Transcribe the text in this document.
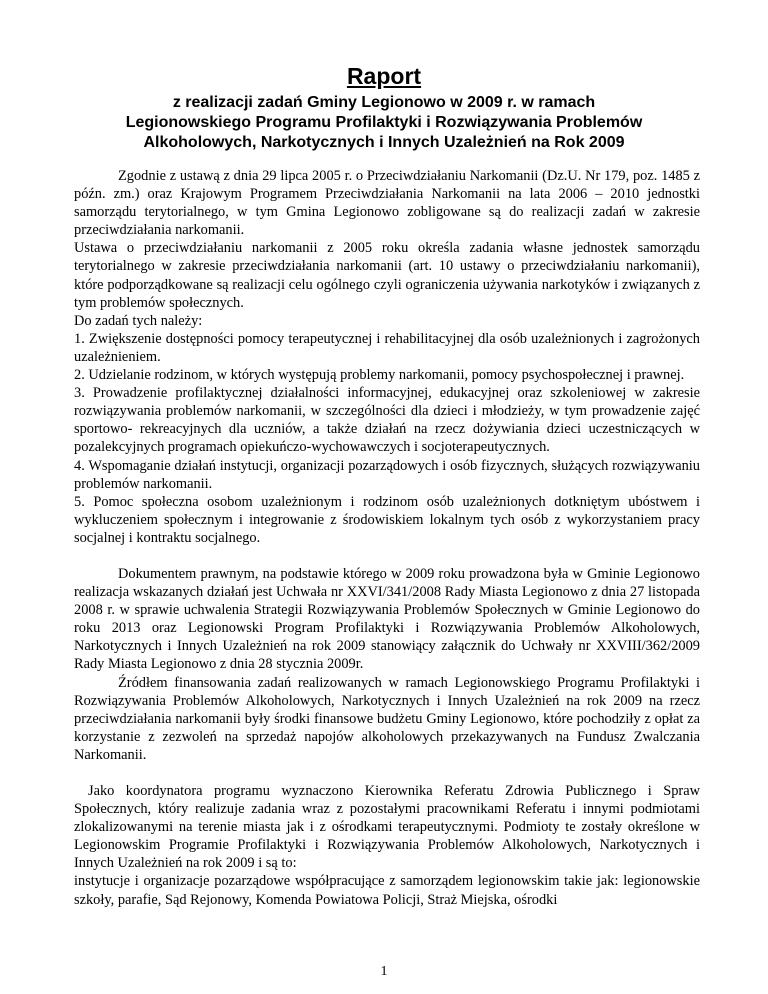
Raport
z realizacji zadań Gminy Legionowo w 2009 r. w ramach
Legionowskiego Programu Profilaktyki i Rozwiązywania Problemów
Alkoholowych, Narkotycznych i Innych Uzależnień na Rok 2009

Zgodnie z ustawą z dnia 29 lipca 2005 r. o Przeciwdziałaniu Narkomanii (Dz.U. Nr 179, poz. 1485 z późn. zm.) oraz Krajowym Programem Przeciwdziałania Narkomanii na lata 2006 – 2010 jednostki samorządu terytorialnego, w tym Gmina Legionowo zobligowane są do realizacji zadań w zakresie przeciwdziałania narkomanii.

Ustawa o przeciwdziałaniu narkomanii z 2005 roku określa zadania własne jednostek samorządu terytorialnego w zakresie przeciwdziałania narkomanii (art. 10 ustawy o przeciwdziałaniu narkomanii), które podporządkowane są realizacji celu ogólnego czyli ograniczenia używania narkotyków i związanych z tym problemów społecznych.

Do zadań tych należy:

1. Zwiększenie dostępności pomocy terapeutycznej i rehabilitacyjnej dla osób uzależnionych i zagrożonych uzależnieniem.

2. Udzielanie rodzinom, w których występują problemy narkomanii, pomocy psychospołecznej i prawnej.

3. Prowadzenie profilaktycznej działalności informacyjnej, edukacyjnej oraz szkoleniowej w zakresie rozwiązywania problemów narkomanii, w szczególności dla dzieci i młodzieży, w tym prowadzenie zajęć sportowo- rekreacyjnych dla uczniów, a także działań na rzecz dożywiania dzieci uczestniczących w pozalekcyjnych programach opiekuńczo-wychowawczych i socjoterapeutycznych.

4. Wspomaganie działań instytucji, organizacji pozarządowych i osób fizycznych, służących rozwiązywaniu problemów narkomanii.

5. Pomoc społeczna osobom uzależnionym i rodzinom osób uzależnionych dotkniętym ubóstwem i wykluczeniem społecznym i integrowanie z środowiskiem lokalnym tych osób z wykorzystaniem pracy socjalnej i kontraktu socjalnego.

Dokumentem prawnym, na podstawie którego w 2009 roku prowadzona była w Gminie Legionowo realizacja wskazanych działań jest Uchwała nr XXVI/341/2008 Rady Miasta Legionowo z dnia 27 listopada 2008 r. w sprawie uchwalenia Strategii Rozwiązywania Problemów Społecznych w Gminie Legionowo do roku 2013 oraz Legionowski Program Profilaktyki i Rozwiązywania Problemów Alkoholowych, Narkotycznych i Innych Uzależnień na rok 2009 stanowiący załącznik do Uchwały nr XXVIII/362/2009 Rady Miasta Legionowo z dnia 28 stycznia 2009r.

Źródłem finansowania zadań realizowanych w ramach Legionowskiego Programu Profilaktyki i Rozwiązywania Problemów Alkoholowych, Narkotycznych i Innych Uzależnień na rok 2009 na rzecz przeciwdziałania narkomanii były środki finansowe budżetu Gminy Legionowo, które pochodziły z opłat za korzystanie z zezwoleń na sprzedaż napojów alkoholowych przekazywanych na Fundusz Zwalczania Narkomanii.

Jako koordynatora programu wyznaczono Kierownika Referatu Zdrowia Publicznego i Spraw Społecznych, który realizuje zadania wraz z pozostałymi pracownikami Referatu i innymi podmiotami zlokalizowanymi na terenie miasta jak i z ośrodkami terapeutycznymi. Podmioty te zostały określone w Legionowskim Programie Profilaktyki i Rozwiązywania Problemów Alkoholowych, Narkotycznych i Innych Uzależnień na rok 2009 i są to:

instytucje i organizacje pozarządowe współpracujące z samorządem legionowskim takie jak: legionowskie szkoły, parafie, Sąd Rejonowy, Komenda Powiatowa Policji, Straż Miejska, ośrodki

1
